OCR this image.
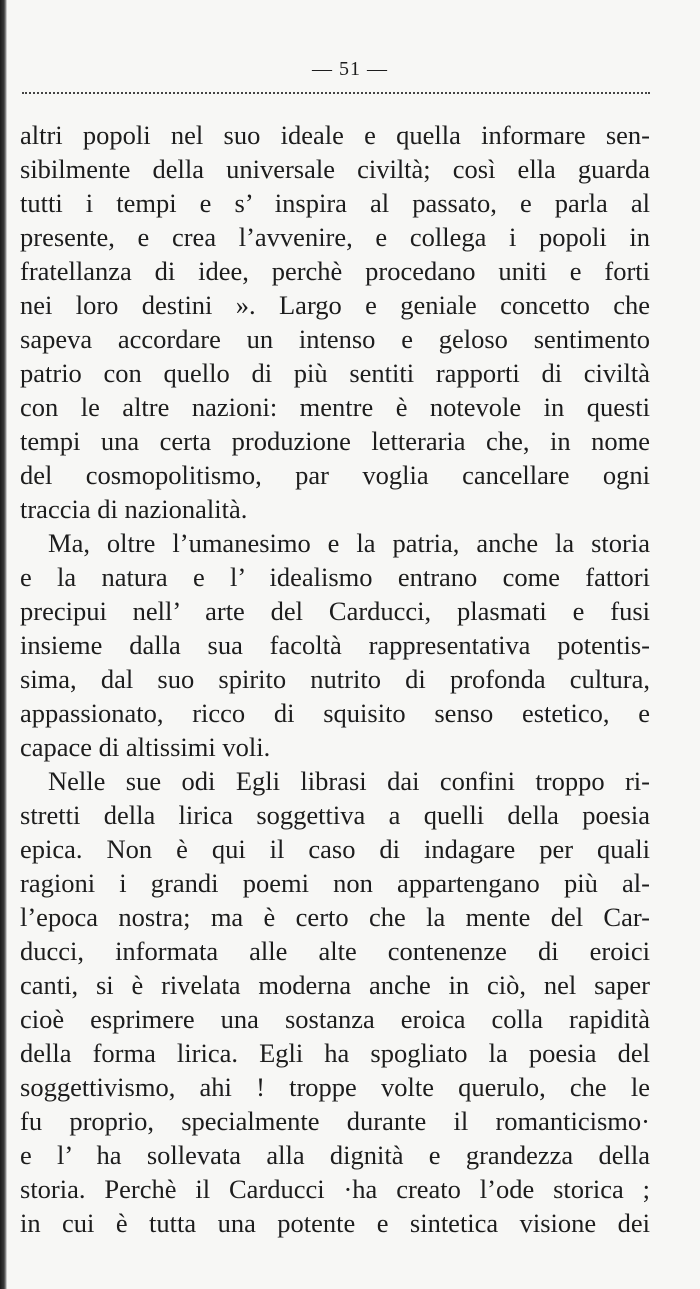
— 51 —
altri popoli nel suo ideale e quella informare sen-
sibilmente della universale civiltà; così ella guarda
tutti i tempi e s’ inspira al passato, e parla al
presente, e crea l’avvenire, e collega i popoli in
fratellanza di idee, perchè procedano uniti e forti
nei loro destini ». Largo e geniale concetto che
sapeva accordare un intenso e geloso sentimento
patrio con quello di più sentiti rapporti di civiltà
con le altre nazioni: mentre è notevole in questi
tempi una certa produzione letteraria che, in nome
del cosmopolitismo, par voglia cancellare ogni
traccia di nazionalità.
Ma, oltre l’umanesimo e la patria, anche la storia
e la natura e l’ idealismo entrano come fattori
precipui nell’ arte del Carducci, plasmati e fusi
insieme dalla sua facoltà rappresentativa potentis-
sima, dal suo spirito nutrito di profonda cultura,
appassionato, ricco di squisito senso estetico, e
capace di altissimi voli.
Nelle sue odi Egli librasi dai confini troppo ri-
stretti della lirica soggettiva a quelli della poesia
epica. Non è qui il caso di indagare per quali
ragioni i grandi poemi non appartengano più al-
l’epoca nostra; ma è certo che la mente del Car-
ducci, informata alle alte contenenze di eroici
canti, si è rivelata moderna anche in ciò, nel saper
cioè esprimere una sostanza eroica colla rapidità
della forma lirica. Egli ha spogliato la poesia del
soggettivismo, ahi ! troppe volte querulo, che le
fu proprio, specialmente durante il romanticismo·
e l’ ha sollevata alla dignità e grandezza della
storia. Perchè il Carducci ·ha creato l’ode storica ;
in cui è tutta una potente e sintetica visione dei
